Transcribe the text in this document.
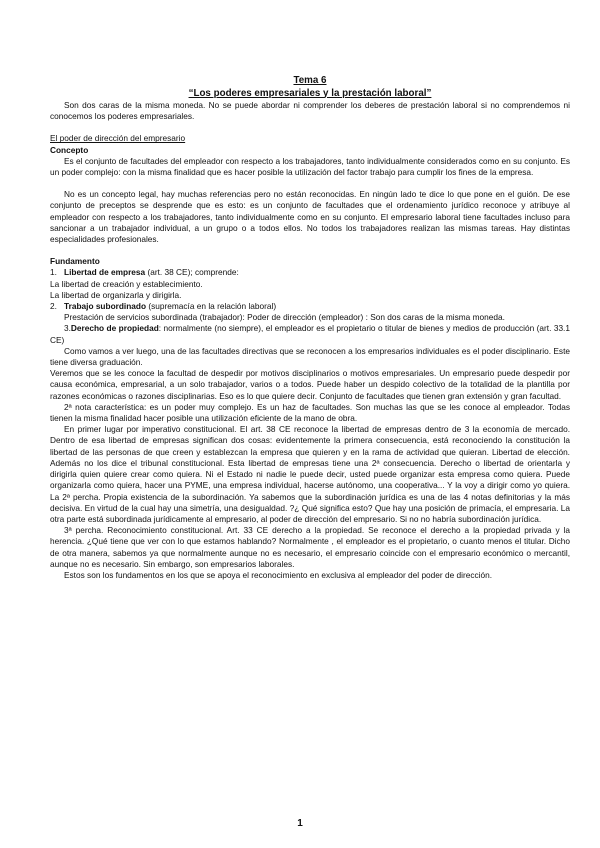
Tema 6
“Los poderes empresariales y la prestación laboral”

Son dos caras de la misma moneda. No se puede abordar ni comprender los deberes de prestación laboral si no comprendemos ni conocemos los poderes empresariales.

El poder de dirección del empresario

Concepto

Es el conjunto de facultades del empleador con respecto a los trabajadores, tanto individualmente considerados como en su conjunto. Es un poder complejo: con la misma finalidad que es hacer posible la utilización del factor trabajo para cumplir los fines de la empresa.

No es un concepto legal, hay muchas referencias pero no están reconocidas. En ningún lado te dice lo que pone en el guión. De ese conjunto de preceptos se desprende que es esto: es un conjunto de facultades que el ordenamiento jurídico reconoce y atribuye al empleador con respecto a los trabajadores, tanto individualmente como en su conjunto. El empresario laboral tiene facultades incluso para sancionar a un trabajador individual, a un grupo o a todos ellos. No todos los trabajadores realizan las mismas tareas. Hay distintas especialidades profesionales.

Fundamento

1. Libertad de empresa (art. 38 CE); comprende:

La libertad de creación y establecimiento.

La libertad de organizarla y dirigirla.

2. Trabajo subordinado (supremacía en la relación laboral)

Prestación de servicios subordinada (trabajador): Poder de dirección (empleador) : Son dos caras de la misma moneda.

3.Derecho de propiedad: normalmente (no siempre), el empleador es el propietario o titular de bienes y medios de producción (art. 33.1 CE)

Como vamos a ver luego, una de las facultades directivas que se reconocen a los empresarios individuales es el poder disciplinario. Este tiene diversa graduación.

Veremos que se les conoce la facultad de despedir por motivos disciplinarios o motivos empresariales. Un empresario puede despedir por causa económica, empresarial, a un solo trabajador, varios o a todos. Puede haber un despido colectivo de la totalidad de la plantilla por razones económicas o razones disciplinarias. Eso es lo que quiere decir. Conjunto de facultades que tienen gran extensión y gran facultad.

2ª nota característica: es un poder muy complejo. Es un haz de facultades. Son muchas las que se les conoce al empleador. Todas tienen la misma finalidad hacer posible una utilización eficiente de la mano de obra.

En primer lugar por imperativo constitucional. El art. 38 CE reconoce la libertad de empresas dentro de 3 la economía de mercado. Dentro de esa libertad de empresas significan dos cosas: evidentemente la primera consecuencia, está reconociendo la constitución la libertad de las personas de que creen y establezcan la empresa que quieren y en la rama de actividad que quieran. Libertad de elección. Además no los dice el tribunal constitucional. Esta libertad de empresas tiene una 2ª consecuencia. Derecho o libertad de orientarla y dirigirla quien quiere crear como quiera. Ni el Estado ni nadie le puede decir, usted puede organizar esta empresa como quiera. Puede organizarla como quiera, hacer una PYME, una empresa individual, hacerse autónomo, una cooperativa... Y la voy a dirigir como yo quiera. La 2ª percha. Propia existencia de la subordinación. Ya sabemos que la subordinación jurídica es una de las 4 notas definitorias y la más decisiva. En virtud de la cual hay una simetría, una desigualdad. ?¿ Qué significa esto? Que hay una posición de primacía, el empresaria. La otra parte está subordinada jurídicamente al empresario, al poder de dirección del empresario. Si no no habría subordinación jurídica.

3ª percha. Reconocimiento constitucional. Art. 33 CE derecho a la propiedad. Se reconoce el derecho a la propiedad privada y la herencia. ¿Qué tiene que ver con lo que estamos hablando? Normalmente , el empleador es el propietario, o cuanto menos el titular. Dicho de otra manera, sabemos ya que normalmente aunque no es necesario, el empresario coincide con el empresario económico o mercantil, aunque no es necesario. Sin embargo, son empresarios laborales.

Estos son los fundamentos en los que se apoya el reconocimiento en exclusiva al empleador del poder de dirección.

1
